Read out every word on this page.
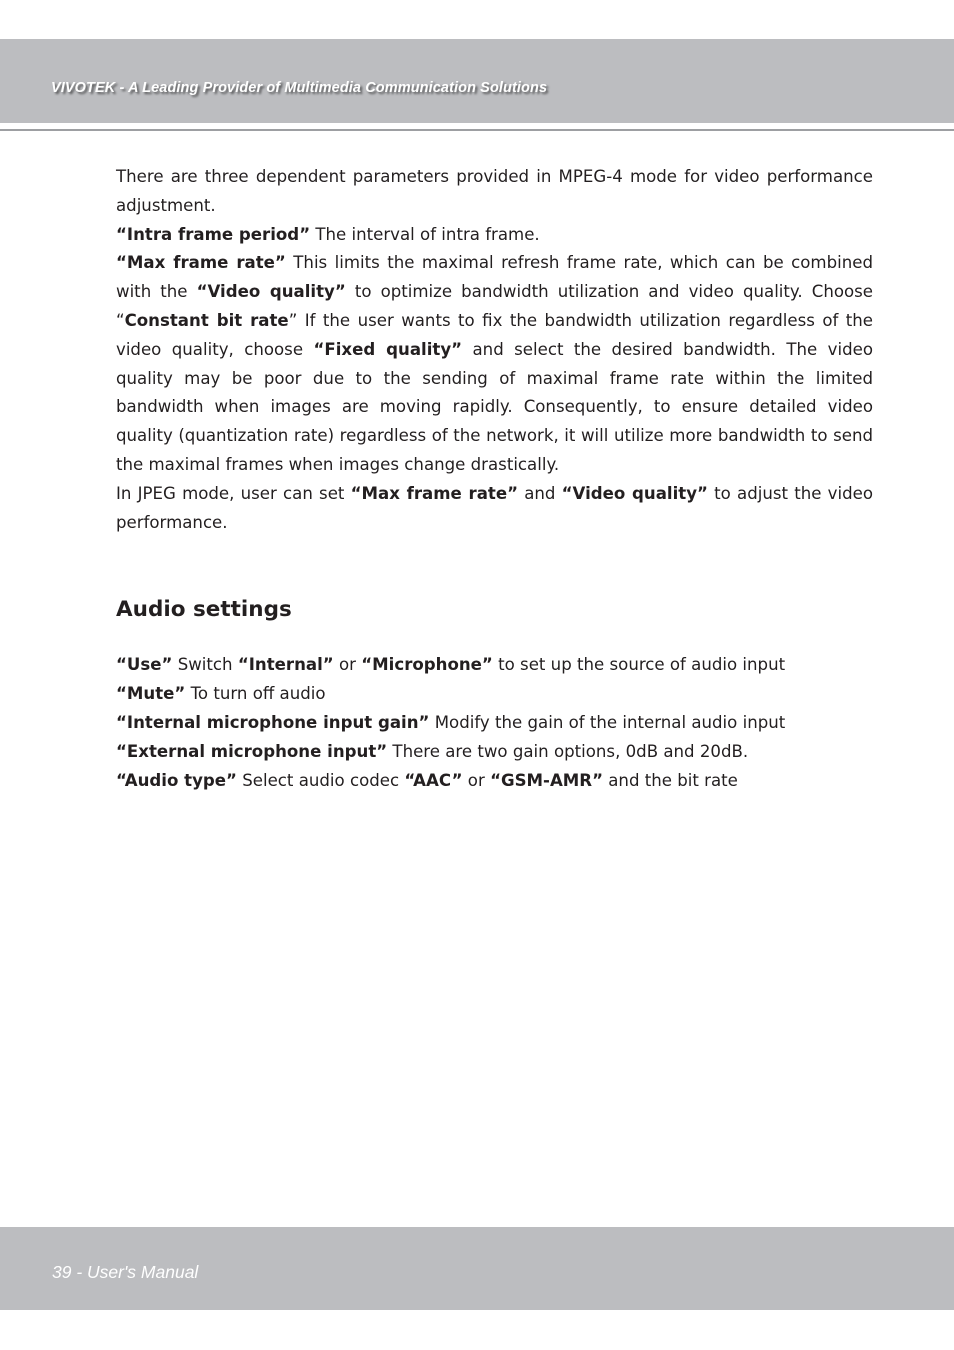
VIVOTEK - A Leading Provider of Multimedia Communication Solutions

There are three dependent parameters provided in MPEG-4 mode for video performance adjustment.

“Intra frame period” The interval of intra frame.

“Max frame rate” This limits the maximal refresh frame rate, which can be combined with the “Video quality” to optimize bandwidth utilization and video quality. Choose “Constant bit rate” If the user wants to fix the bandwidth utilization regardless of the video quality, choose “Fixed quality” and select the desired bandwidth. The video quality may be poor due to the sending of maximal frame rate within the limited bandwidth when images are moving rapidly. Consequently, to ensure detailed video quality (quantization rate) regardless of the network, it will utilize more bandwidth to send the maximal frames when images change drastically.

In JPEG mode, user can set “Max frame rate” and “Video quality” to adjust the video performance.

Audio settings

“Use” Switch “Internal” or “Microphone” to set up the source of audio input

“Mute” To turn off audio

“Internal microphone input gain” Modify the gain of the internal audio input

“External microphone input” There are two gain options, 0dB and 20dB.

“Audio type” Select audio codec “AAC” or “GSM-AMR” and the bit rate

39 - User's Manual
